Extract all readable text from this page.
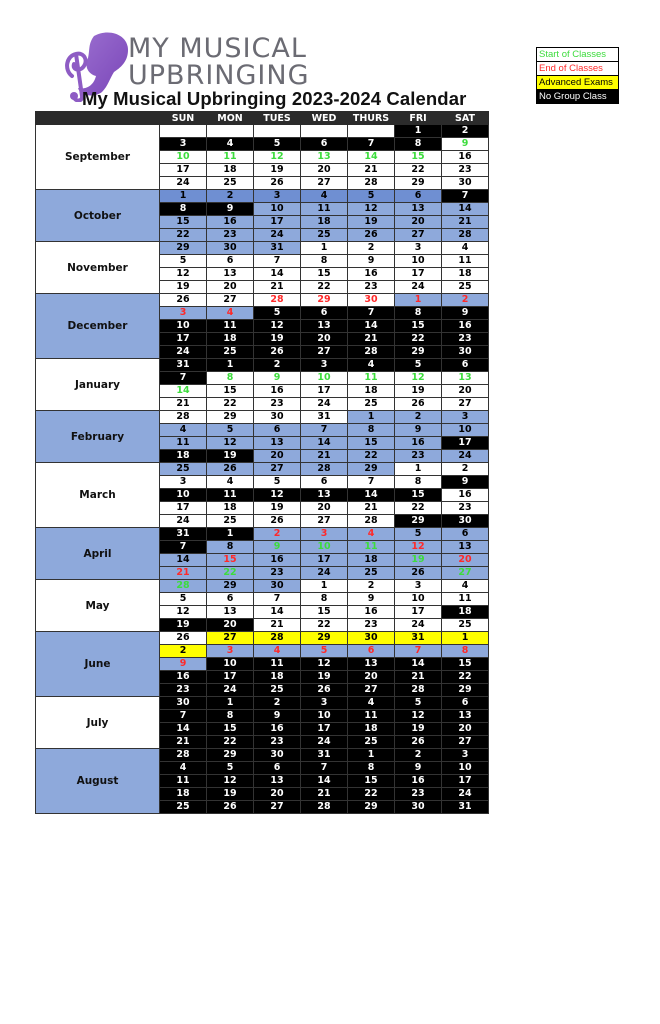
MY MUSICAL
UPBRINGING
My Musical Upbringing 2023-2024 Calendar
Start of Classes
End of Classes
Advanced Exams
No Group Class
	SUN	MON	TUES	WED	THURS	FRI	SAT
September						1	2
	3	4	5	6	7	8	9
	10	11	12	13	14	15	16
	17	18	19	20	21	22	23
	24	25	26	27	28	29	30
October	1	2	3	4	5	6	7
	8	9	10	11	12	13	14
	15	16	17	18	19	20	21
	22	23	24	25	26	27	28
November	29	30	31	1	2	3	4
	5	6	7	8	9	10	11
	12	13	14	15	16	17	18
	19	20	21	22	23	24	25
December	26	27	28	29	30	1	2
	3	4	5	6	7	8	9
	10	11	12	13	14	15	16
	17	18	19	20	21	22	23
	24	25	26	27	28	29	30
January	31	1	2	3	4	5	6
	7	8	9	10	11	12	13
	14	15	16	17	18	19	20
	21	22	23	24	25	26	27
February	28	29	30	31	1	2	3
	4	5	6	7	8	9	10
	11	12	13	14	15	16	17
	18	19	20	21	22	23	24
March	25	26	27	28	29	1	2
	3	4	5	6	7	8	9
	10	11	12	13	14	15	16
	17	18	19	20	21	22	23
	24	25	26	27	28	29	30
April	31	1	2	3	4	5	6
	7	8	9	10	11	12	13
	14	15	16	17	18	19	20
	21	22	23	24	25	26	27
May	28	29	30	1	2	3	4
	5	6	7	8	9	10	11
	12	13	14	15	16	17	18
	19	20	21	22	23	24	25
June	26	27	28	29	30	31	1
	2	3	4	5	6	7	8
	9	10	11	12	13	14	15
	16	17	18	19	20	21	22
	23	24	25	26	27	28	29
July	30	1	2	3	4	5	6
	7	8	9	10	11	12	13
	14	15	16	17	18	19	20
	21	22	23	24	25	26	27
August	28	29	30	31	1	2	3
	4	5	6	7	8	9	10
	11	12	13	14	15	16	17
	18	19	20	21	22	23	24
	25	26	27	28	29	30	31
